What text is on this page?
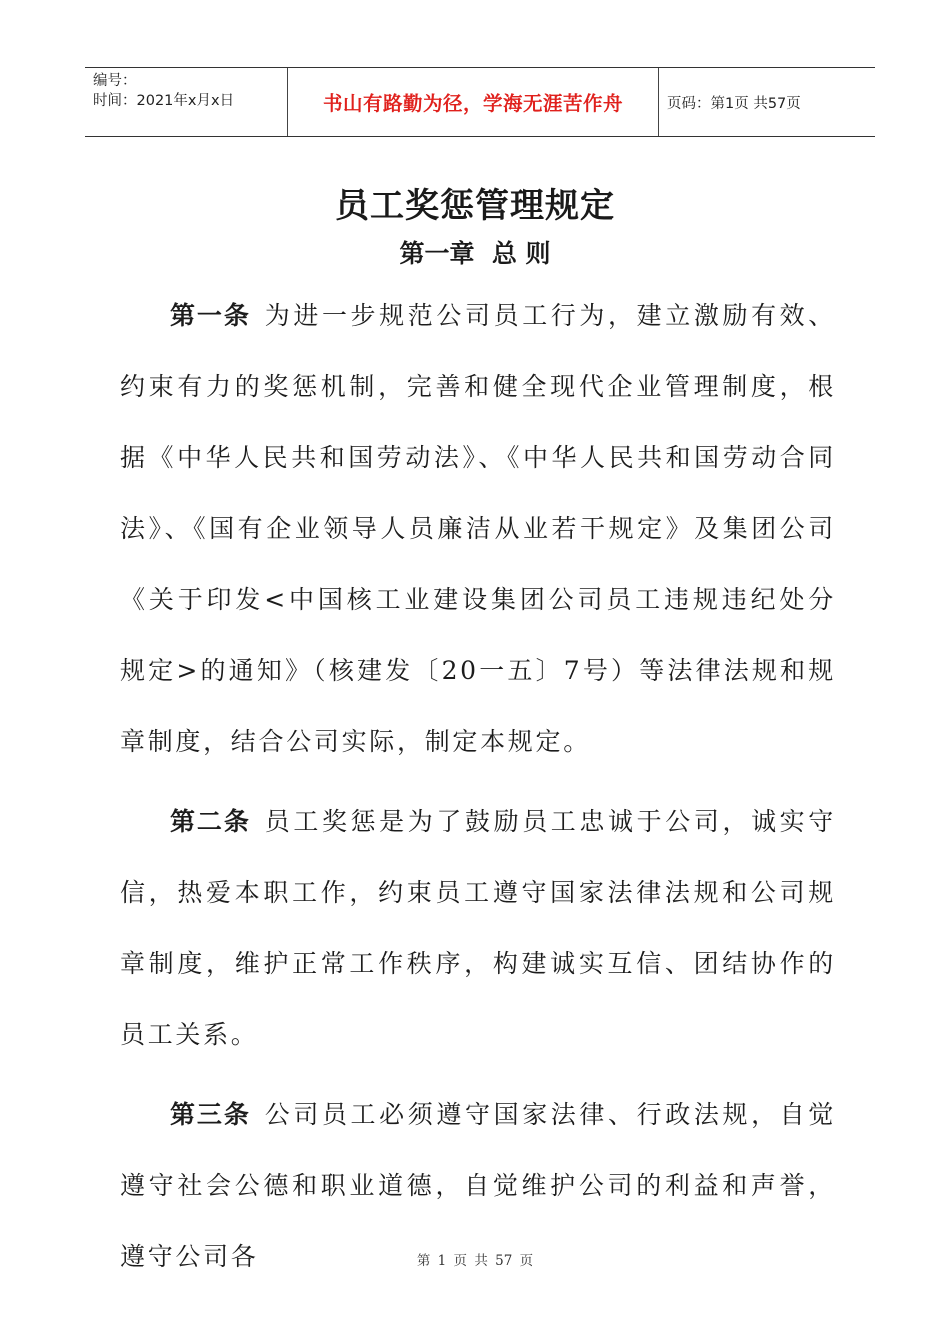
编号：
时间：2021年x月x日	书山有路勤为径，学海无涯苦作舟	页码：第1页 共57页
员工奖惩管理规定
第一章  总 则

第一条 为进一步规范公司员工行为，建立激励有效、约束有力的奖惩机制，完善和健全现代企业管理制度，根据《中华人民共和国劳动法》、《中华人民共和国劳动合同法》、《国有企业领导人员廉洁从业若干规定》及集团公司《关于印发<中国核工业建设集团公司员工违规违纪处分规定>的通知》（核建发〔20一五〕7号）等法律法规和规章制度，结合公司实际，制定本规定。

第二条 员工奖惩是为了鼓励员工忠诚于公司，诚实守信，热爱本职工作，约束员工遵守国家法律法规和公司规章制度，维护正常工作秩序，构建诚实互信、团结协作的员工关系。

第三条 公司员工必须遵守国家法律、行政法规，自觉遵守社会公德和职业道德，自觉维护公司的利益和声誉，遵守公司各	第 1 页 共 57 页
